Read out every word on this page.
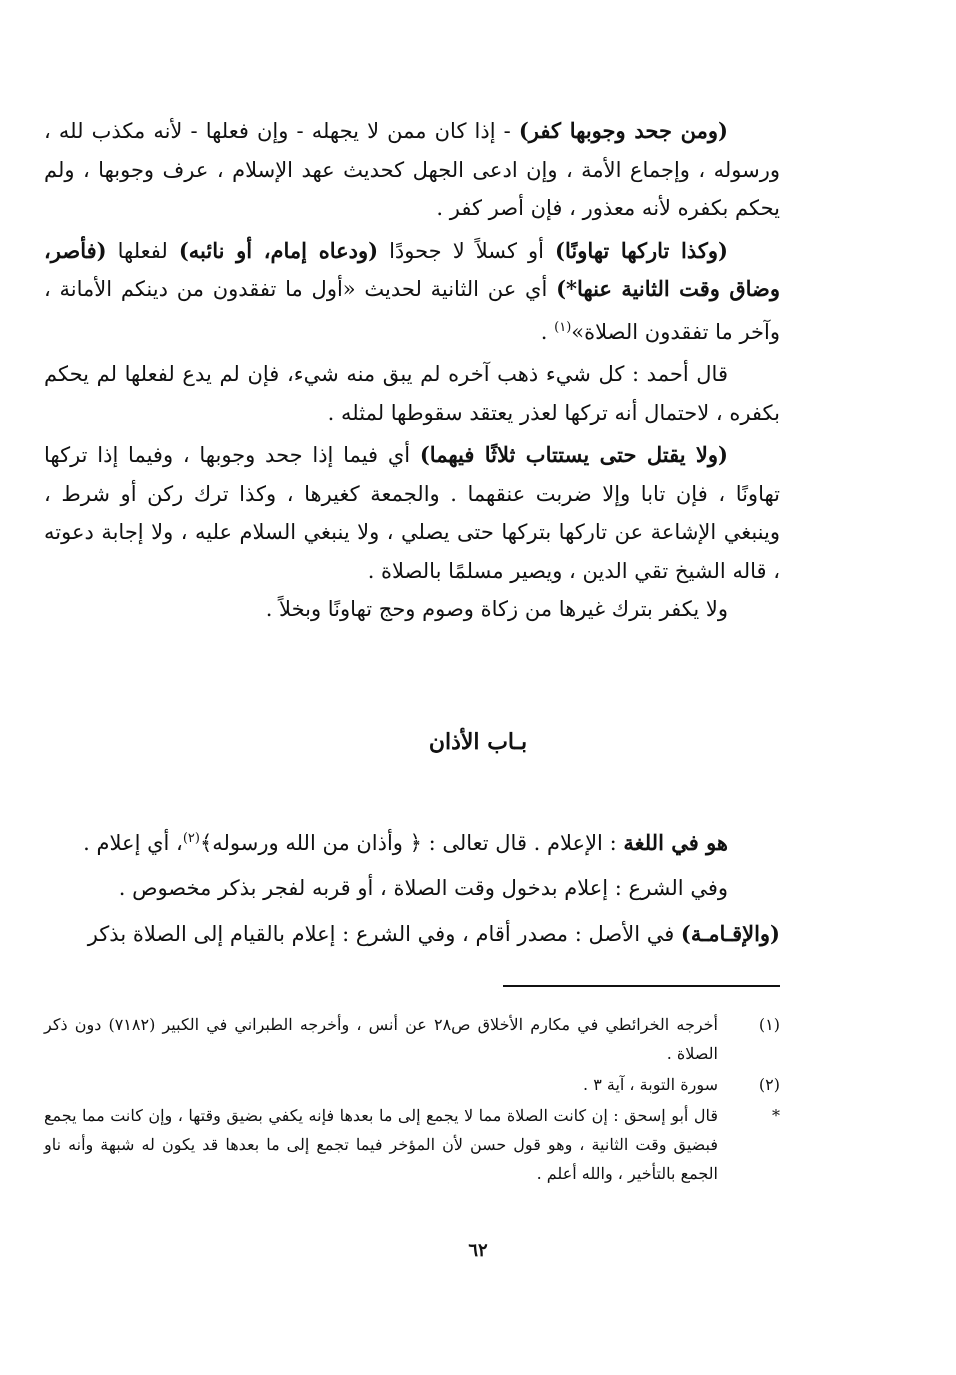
(ومن جحد وجوبها كفر) - إذا كان ممن لا يجهله - وإن فعلها - لأنه مكذب لله ، ورسوله ، وإجماع الأمة ، وإن ادعى الجهل كحديث عهد الإسلام ، عرف وجوبها ، ولم يحكم بكفره لأنه معذور ، فإن أصر كفر .

(وكذا تاركها تهاونًا) أو كسلاً لا جحودًا (ودعاه إمام، أو نائبه) لفعلها (فأصر، وضاق وقت الثانية عنها*) أي عن الثانية لحديث «أول ما تفقدون من دينكم الأمانة ، وآخر ما تفقدون الصلاة»$^{(١)}$ .

قال أحمد : كل شيء ذهب آخره لم يبق منه شيء، فإن لم يدع لفعلها لم يحكم بكفره ، لاحتمال أنه تركها لعذر يعتقد سقوطها لمثله .

(ولا يقتل حتى يستتاب ثلاثًا فيهما) أي فيما إذا جحد وجوبها ، وفيما إذا تركها تهاونًا ، فإن تابا وإلا ضربت عنقهما . والجمعة كغيرها ، وكذا ترك ركن أو شرط ، وينبغي الإشاعة عن تاركها بتركها حتى يصلي ، ولا ينبغي السلام عليه ، ولا إجابة دعوته ، قاله الشيخ تقي الدين ، ويصير مسلمًا بالصلاة .

ولا يكفر بترك غيرها من زكاة وصوم وحج تهاونًا وبخلاً .

بـاب الأذان

هو في اللغة : الإعلام . قال تعالى : ﴿ وأذان من الله ورسوله﴾$^{(٢)}$، أي إعلام .

وفي الشرع : إعلام بدخول وقت الصلاة ، أو قربه لفجر بذكر مخصوص .

(والإقـامـة) في الأصل : مصدر أقام ، وفي الشرع : إعلام بالقيام إلى الصلاة بذكر

(١)
أخرجه الخرائطي في مكارم الأخلاق ص٢٨ عن أنس ، وأخرجه الطبراني في الكبير (٧١٨٢) دون ذكر الصلاة .
(٢)
سورة التوبة ، آية ٣ .
*
قال أبو إسحق : إن كانت الصلاة مما لا يجمع إلى ما بعدها فإنه يكفي بضيق وقتها ، وإن كانت مما يجمع فبضيق وقت الثانية ، وهو قول حسن لأن المؤخر فيما تجمع إلى ما بعدها قد يكون له شبهة وأنه ناو الجمع بالتأخير ، والله أعلم .
٦٢
